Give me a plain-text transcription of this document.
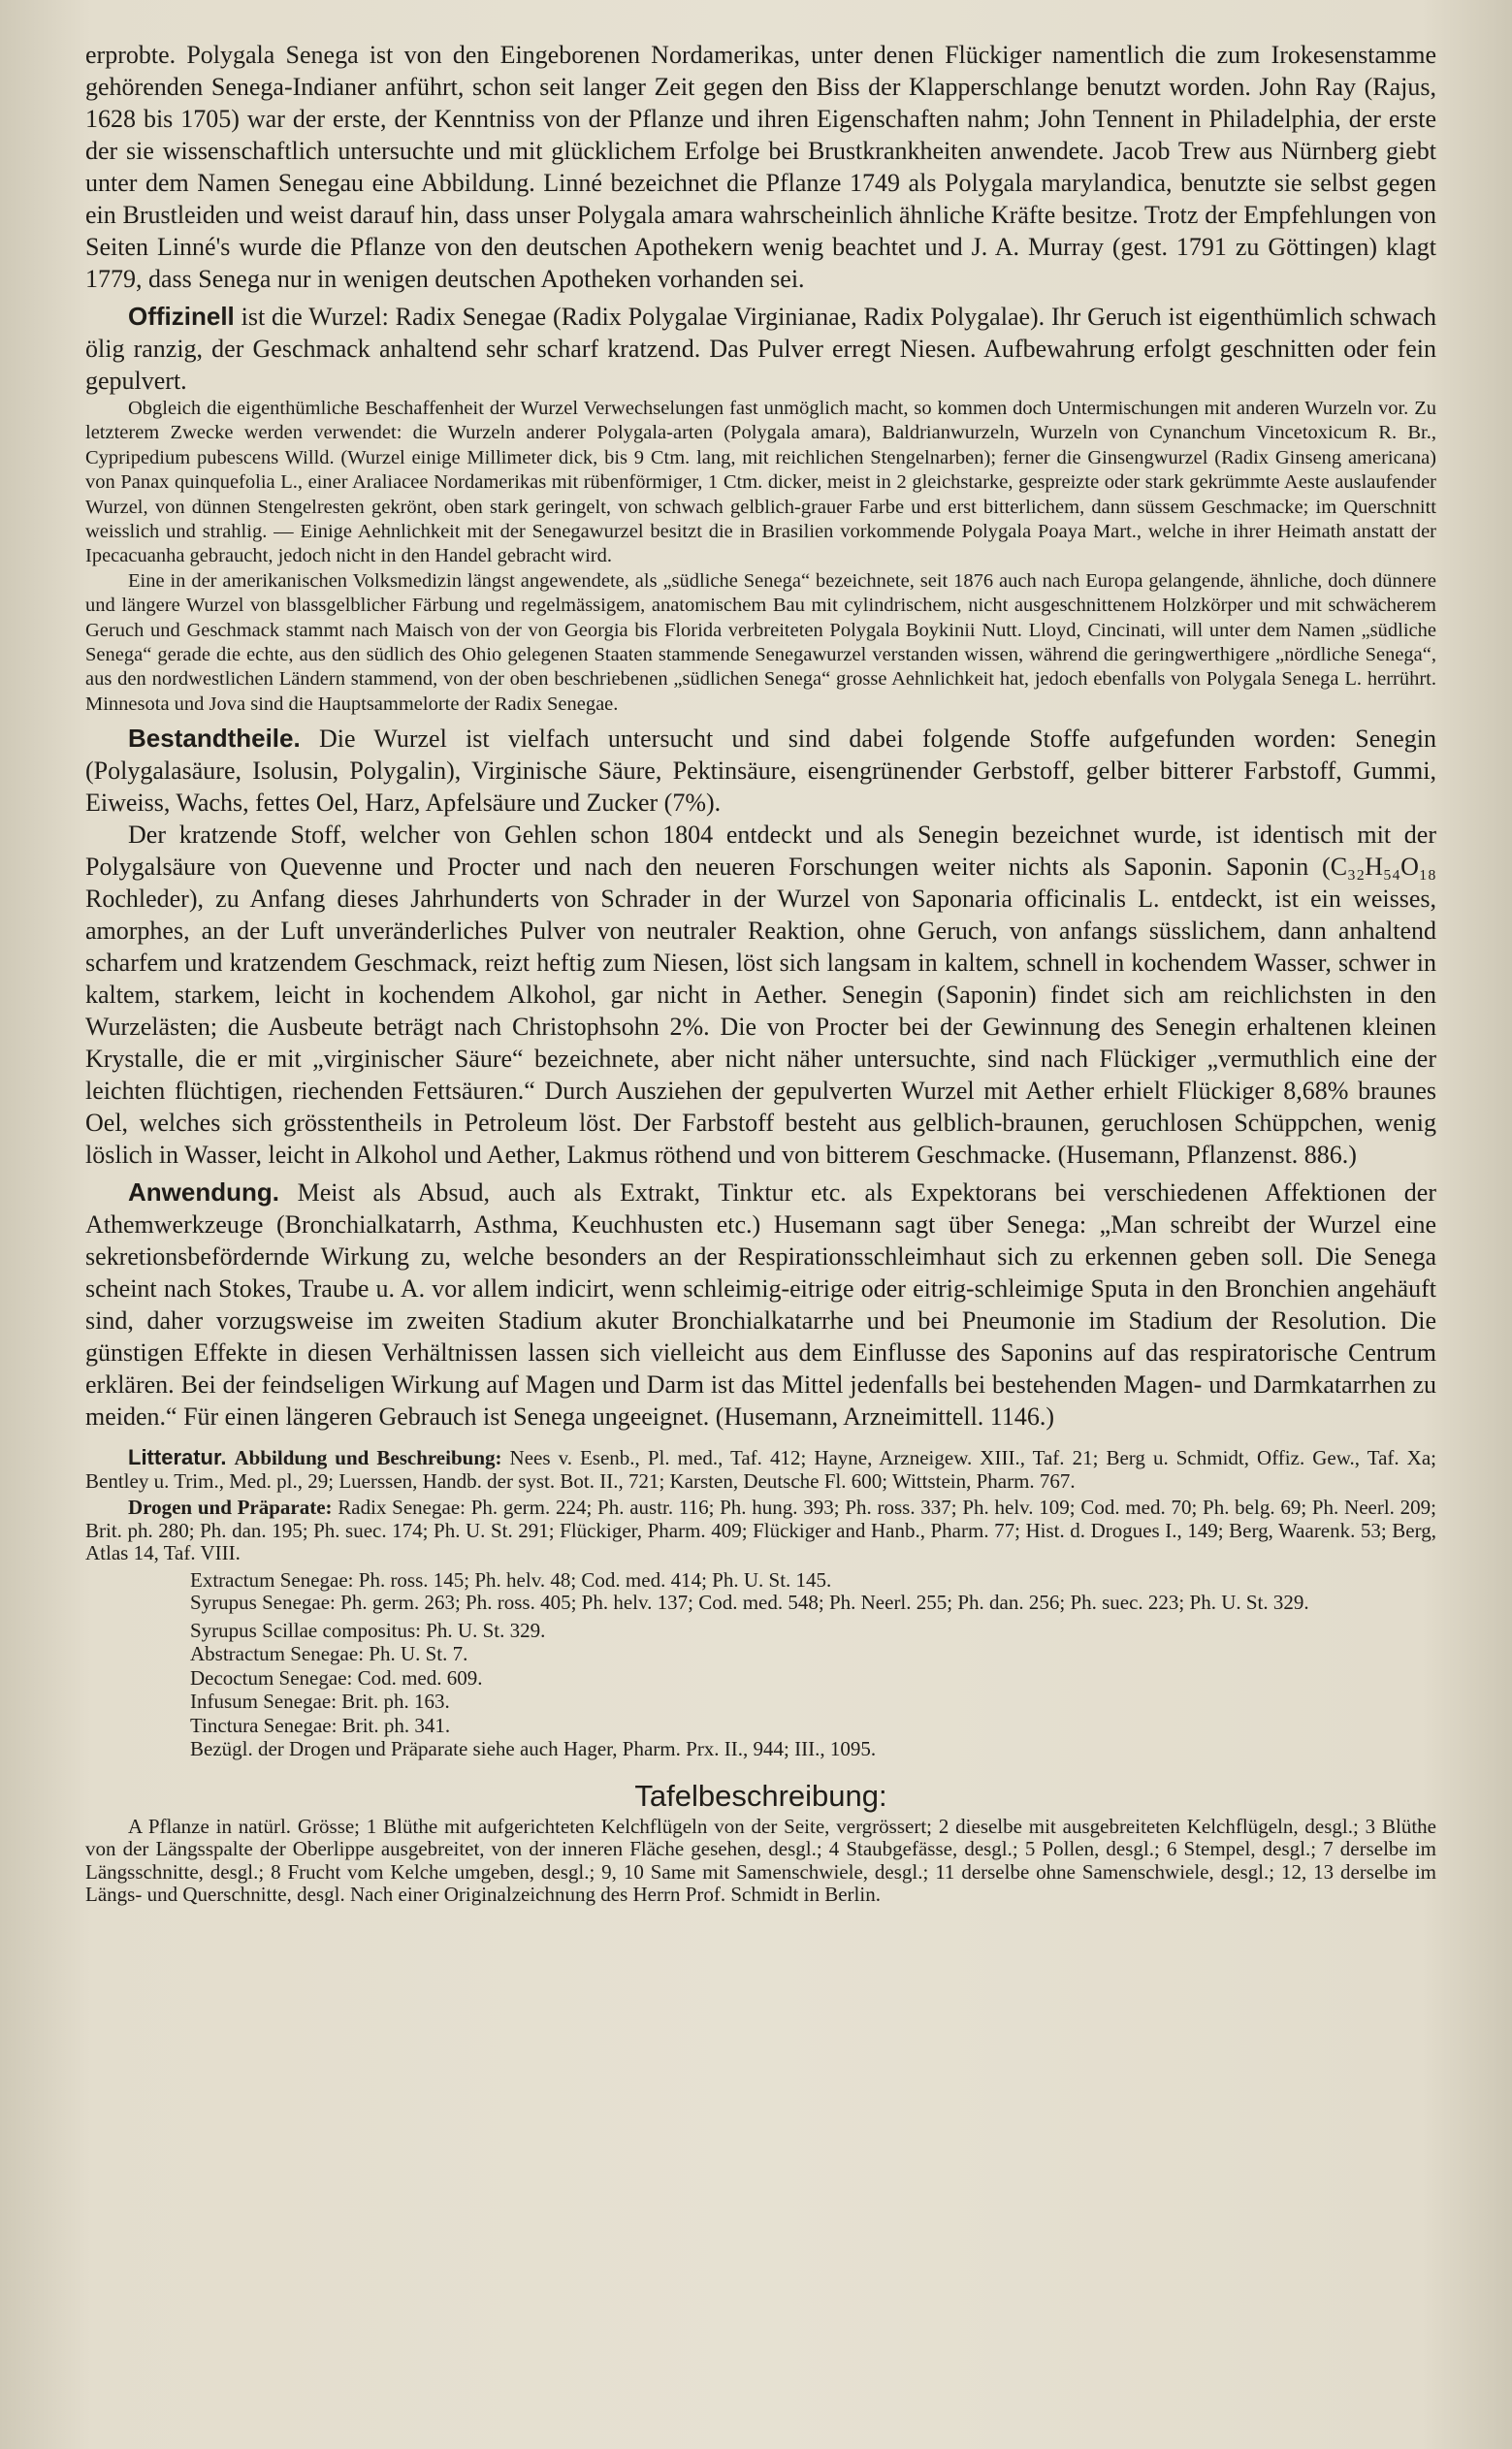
erprobte. Polygala Senega ist von den Eingeborenen Nordamerikas, unter denen Flückiger namentlich die zum Irokesenstamme gehörenden Senega-Indianer anführt, schon seit langer Zeit gegen den Biss der Klapperschlange benutzt worden. John Ray (Rajus, 1628 bis 1705) war der erste, der Kenntniss von der Pflanze und ihren Eigenschaften nahm; John Tennent in Philadelphia, der erste der sie wissenschaftlich untersuchte und mit glücklichem Erfolge bei Brustkrankheiten anwendete. Jacob Trew aus Nürnberg giebt unter dem Namen Senegau eine Abbildung. Linné bezeichnet die Pflanze 1749 als Polygala marylandica, benutzte sie selbst gegen ein Brustleiden und weist darauf hin, dass unser Polygala amara wahrscheinlich ähnliche Kräfte besitze. Trotz der Empfehlungen von Seiten Linné's wurde die Pflanze von den deutschen Apothekern wenig beachtet und J. A. Murray (gest. 1791 zu Göttingen) klagt 1779, dass Senega nur in wenigen deutschen Apotheken vorhanden sei.

Offizinell ist die Wurzel: Radix Senegae (Radix Polygalae Virginianae, Radix Polygalae). Ihr Geruch ist eigenthümlich schwach ölig ranzig, der Geschmack anhaltend sehr scharf kratzend. Das Pulver erregt Niesen. Aufbewahrung erfolgt geschnitten oder fein gepulvert.

Obgleich die eigenthümliche Beschaffenheit der Wurzel Verwechselungen fast unmöglich macht, so kommen doch Untermischungen mit anderen Wurzeln vor. Zu letzterem Zwecke werden verwendet: die Wurzeln anderer Polygala-arten (Polygala amara), Baldrianwurzeln, Wurzeln von Cynanchum Vincetoxicum R. Br., Cypripedium pubescens Willd. (Wurzel einige Millimeter dick, bis 9 Ctm. lang, mit reichlichen Stengelnarben); ferner die Ginsengwurzel (Radix Ginseng americana) von Panax quinquefolia L., einer Araliacee Nordamerikas mit rübenförmiger, 1 Ctm. dicker, meist in 2 gleichstarke, gespreizte oder stark gekrümmte Aeste auslaufender Wurzel, von dünnen Stengelresten gekrönt, oben stark geringelt, von schwach gelblich-grauer Farbe und erst bitterlichem, dann süssem Geschmacke; im Querschnitt weisslich und strahlig. — Einige Aehnlichkeit mit der Senegawurzel besitzt die in Brasilien vorkommende Polygala Poaya Mart., welche in ihrer Heimath anstatt der Ipecacuanha gebraucht, jedoch nicht in den Handel gebracht wird.

Eine in der amerikanischen Volksmedizin längst angewendete, als „südliche Senega“ bezeichnete, seit 1876 auch nach Europa gelangende, ähnliche, doch dünnere und längere Wurzel von blassgelblicher Färbung und regelmässigem, anatomischem Bau mit cylindrischem, nicht ausgeschnittenem Holzkörper und mit schwächerem Geruch und Geschmack stammt nach Maisch von der von Georgia bis Florida verbreiteten Polygala Boykinii Nutt. Lloyd, Cincinati, will unter dem Namen „südliche Senega“ gerade die echte, aus den südlich des Ohio gelegenen Staaten stammende Senegawurzel verstanden wissen, während die geringwerthigere „nördliche Senega“, aus den nordwestlichen Ländern stammend, von der oben beschriebenen „südlichen Senega“ grosse Aehnlichkeit hat, jedoch ebenfalls von Polygala Senega L. herrührt. Minnesota und Jova sind die Hauptsammelorte der Radix Senegae.

Bestandtheile. Die Wurzel ist vielfach untersucht und sind dabei folgende Stoffe aufgefunden worden: Senegin (Polygalasäure, Isolusin, Polygalin), Virginische Säure, Pektinsäure, eisengrünender Gerbstoff, gelber bitterer Farbstoff, Gummi, Eiweiss, Wachs, fettes Oel, Harz, Apfelsäure und Zucker (7%).

Der kratzende Stoff, welcher von Gehlen schon 1804 entdeckt und als Senegin bezeichnet wurde, ist identisch mit der Polygalsäure von Quevenne und Procter und nach den neueren Forschungen weiter nichts als Saponin. Saponin (C₃₂H₅₄O₁₈ Rochleder), zu Anfang dieses Jahrhunderts von Schrader in der Wurzel von Saponaria officinalis L. entdeckt, ist ein weisses, amorphes, an der Luft unveränderliches Pulver von neutraler Reaktion, ohne Geruch, von anfangs süsslichem, dann anhaltend scharfem und kratzendem Geschmack, reizt heftig zum Niesen, löst sich langsam in kaltem, schnell in kochendem Wasser, schwer in kaltem, starkem, leicht in kochendem Alkohol, gar nicht in Aether. Senegin (Saponin) findet sich am reichlichsten in den Wurzelästen; die Ausbeute beträgt nach Christophsohn 2%. Die von Procter bei der Gewinnung des Senegin erhaltenen kleinen Krystalle, die er mit „virginischer Säure“ bezeichnete, aber nicht näher untersuchte, sind nach Flückiger „vermuthlich eine der leichten flüchtigen, riechenden Fettsäuren.“ Durch Ausziehen der gepulverten Wurzel mit Aether erhielt Flückiger 8,68% braunes Oel, welches sich grösstentheils in Petroleum löst. Der Farbstoff besteht aus gelblich-braunen, geruchlosen Schüppchen, wenig löslich in Wasser, leicht in Alkohol und Aether, Lakmus röthend und von bitterem Geschmacke. (Husemann, Pflanzenst. 886.)

Anwendung. Meist als Absud, auch als Extrakt, Tinktur etc. als Expektorans bei verschiedenen Affektionen der Athemwerkzeuge (Bronchialkatarrh, Asthma, Keuchhusten etc.) Husemann sagt über Senega: „Man schreibt der Wurzel eine sekretionsbefördernde Wirkung zu, welche besonders an der Respirationsschleimhaut sich zu erkennen geben soll. Die Senega scheint nach Stokes, Traube u. A. vor allem indicirt, wenn schleimig-eitrige oder eitrig-schleimige Sputa in den Bronchien angehäuft sind, daher vorzugsweise im zweiten Stadium akuter Bronchialkatarrhe und bei Pneumonie im Stadium der Resolution. Die günstigen Effekte in diesen Verhältnissen lassen sich vielleicht aus dem Einflusse des Saponins auf das respiratorische Centrum erklären. Bei der feindseligen Wirkung auf Magen und Darm ist das Mittel jedenfalls bei bestehenden Magen- und Darmkatarrhen zu meiden.“ Für einen längeren Gebrauch ist Senega ungeeignet. (Husemann, Arzneimittell. 1146.)

Litteratur. Abbildung und Beschreibung: Nees v. Esenb., Pl. med., Taf. 412; Hayne, Arzneigew. XIII., Taf. 21; Berg u. Schmidt, Offiz. Gew., Taf. Xa; Bentley u. Trim., Med. pl., 29; Luerssen, Handb. der syst. Bot. II., 721; Karsten, Deutsche Fl. 600; Wittstein, Pharm. 767.

Drogen und Präparate: Radix Senegae: Ph. germ. 224; Ph. austr. 116; Ph. hung. 393; Ph. ross. 337; Ph. helv. 109; Cod. med. 70; Ph. belg. 69; Ph. Neerl. 209; Brit. ph. 280; Ph. dan. 195; Ph. suec. 174; Ph. U. St. 291; Flückiger, Pharm. 409; Flückiger and Hanb., Pharm. 77; Hist. d. Drogues I., 149; Berg, Waarenk. 53; Berg, Atlas 14, Taf. VIII.

Extractum Senegae: Ph. ross. 145; Ph. helv. 48; Cod. med. 414; Ph. U. St. 145.

Syrupus Senegae: Ph. germ. 263; Ph. ross. 405; Ph. helv. 137; Cod. med. 548; Ph. Neerl. 255; Ph. dan. 256; Ph. suec. 223; Ph. U. St. 329.

Syrupus Scillae compositus: Ph. U. St. 329.
Abstractum Senegae: Ph. U. St. 7.
Decoctum Senegae: Cod. med. 609.
Infusum Senegae: Brit. ph. 163.
Tinctura Senegae: Brit. ph. 341.
Bezügl. der Drogen und Präparate siehe auch Hager, Pharm. Prx. II., 944; III., 1095.
Tafelbeschreibung:

A Pflanze in natürl. Grösse; 1 Blüthe mit aufgerichteten Kelchflügeln von der Seite, vergrössert; 2 dieselbe mit ausgebreiteten Kelchflügeln, desgl.; 3 Blüthe von der Längsspalte der Oberlippe ausgebreitet, von der inneren Fläche gesehen, desgl.; 4 Staubgefässe, desgl.; 5 Pollen, desgl.; 6 Stempel, desgl.; 7 derselbe im Längsschnitte, desgl.; 8 Frucht vom Kelche umgeben, desgl.; 9, 10 Same mit Samenschwiele, desgl.; 11 derselbe ohne Samenschwiele, desgl.; 12, 13 derselbe im Längs- und Querschnitte, desgl. Nach einer Originalzeichnung des Herrn Prof. Schmidt in Berlin.
